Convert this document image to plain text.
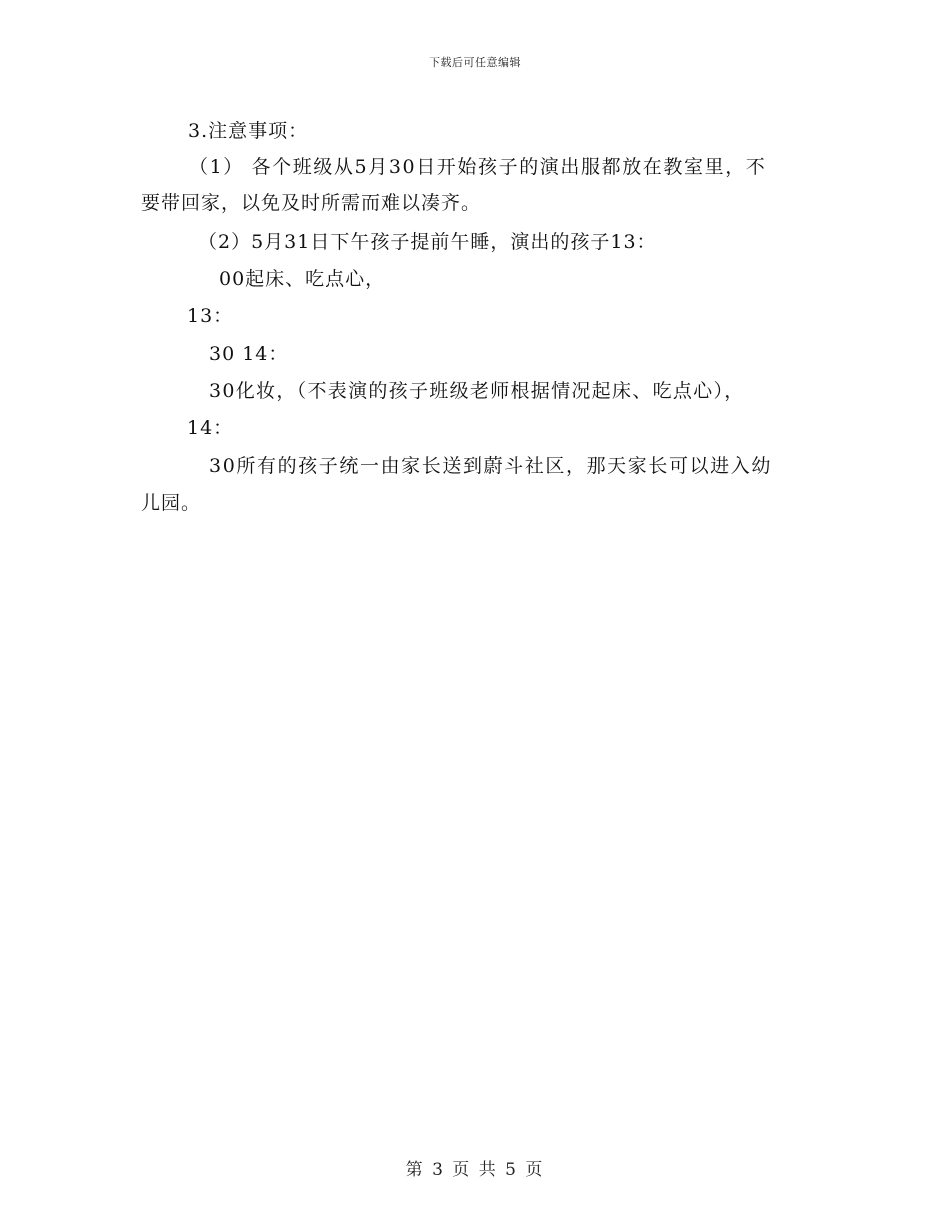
下载后可任意编辑
3.注意事项：
（1） 各个班级从5月30日开始孩子的演出服都放在教室里，不
要带回家，以免及时所需而难以凑齐。
（2）5月31日下午孩子提前午睡，演出的孩子13：
00起床、吃点心，
13：
30 14：
30化妆，（不表演的孩子班级老师根据情况起床、吃点心），
14：
30所有的孩子统一由家长送到蔚斗社区，那天家长可以进入幼
儿园。
第 3 页 共 5 页
